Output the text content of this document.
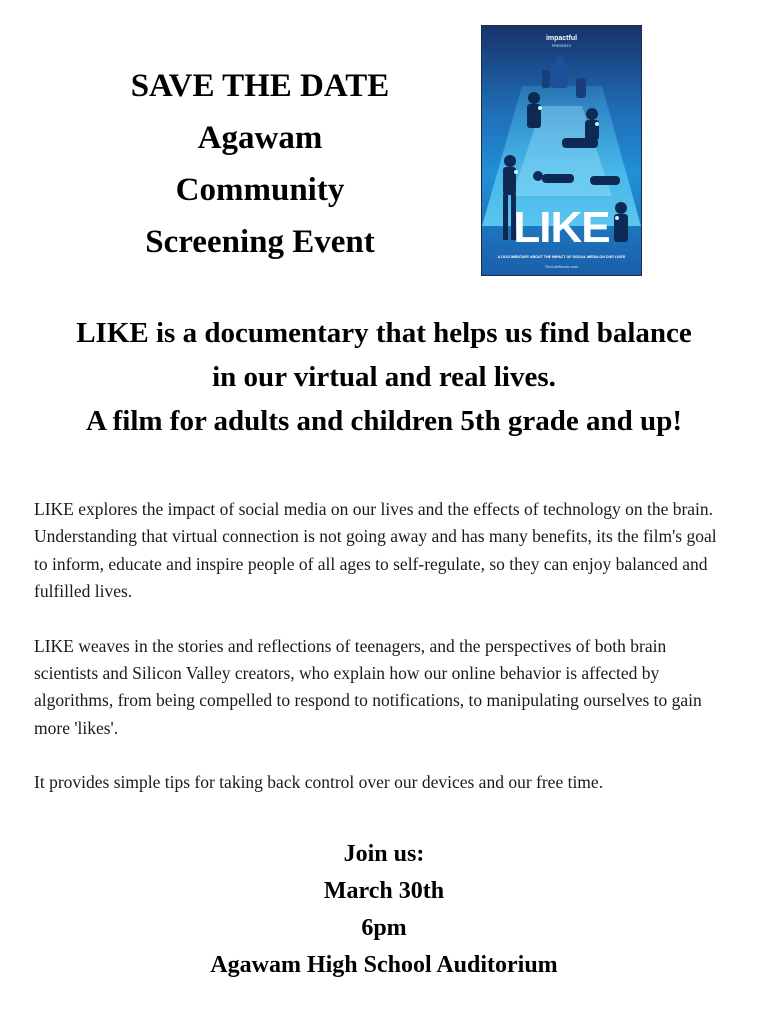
SAVE THE DATE
Agawam
Community
Screening Event
impactful
PRESENTS
LIKE
A DOCUMENTARY ABOUT THE IMPACT OF SOCIAL MEDIA ON OUR LIVES
TheLikeMovie.com
LIKE is a documentary that helps us find balance
in our virtual and real lives.
A film for adults and children 5th grade and up!

LIKE explores the impact of social media on our lives and the effects of technology on the brain. Understanding that virtual connection is not going away and has many benefits, its the film's goal to inform, educate and inspire people of all ages to self-regulate, so they can enjoy balanced and fulfilled lives.

LIKE weaves in the stories and reflections of teenagers, and the perspectives of both brain scientists and Silicon Valley creators, who explain how our online behavior is affected by algorithms, from being compelled to respond to notifications, to manipulating ourselves to gain more 'likes'.

It provides simple tips for taking back control over our devices and our free time.

Join us:
March 30th
6pm
Agawam High School Auditorium
